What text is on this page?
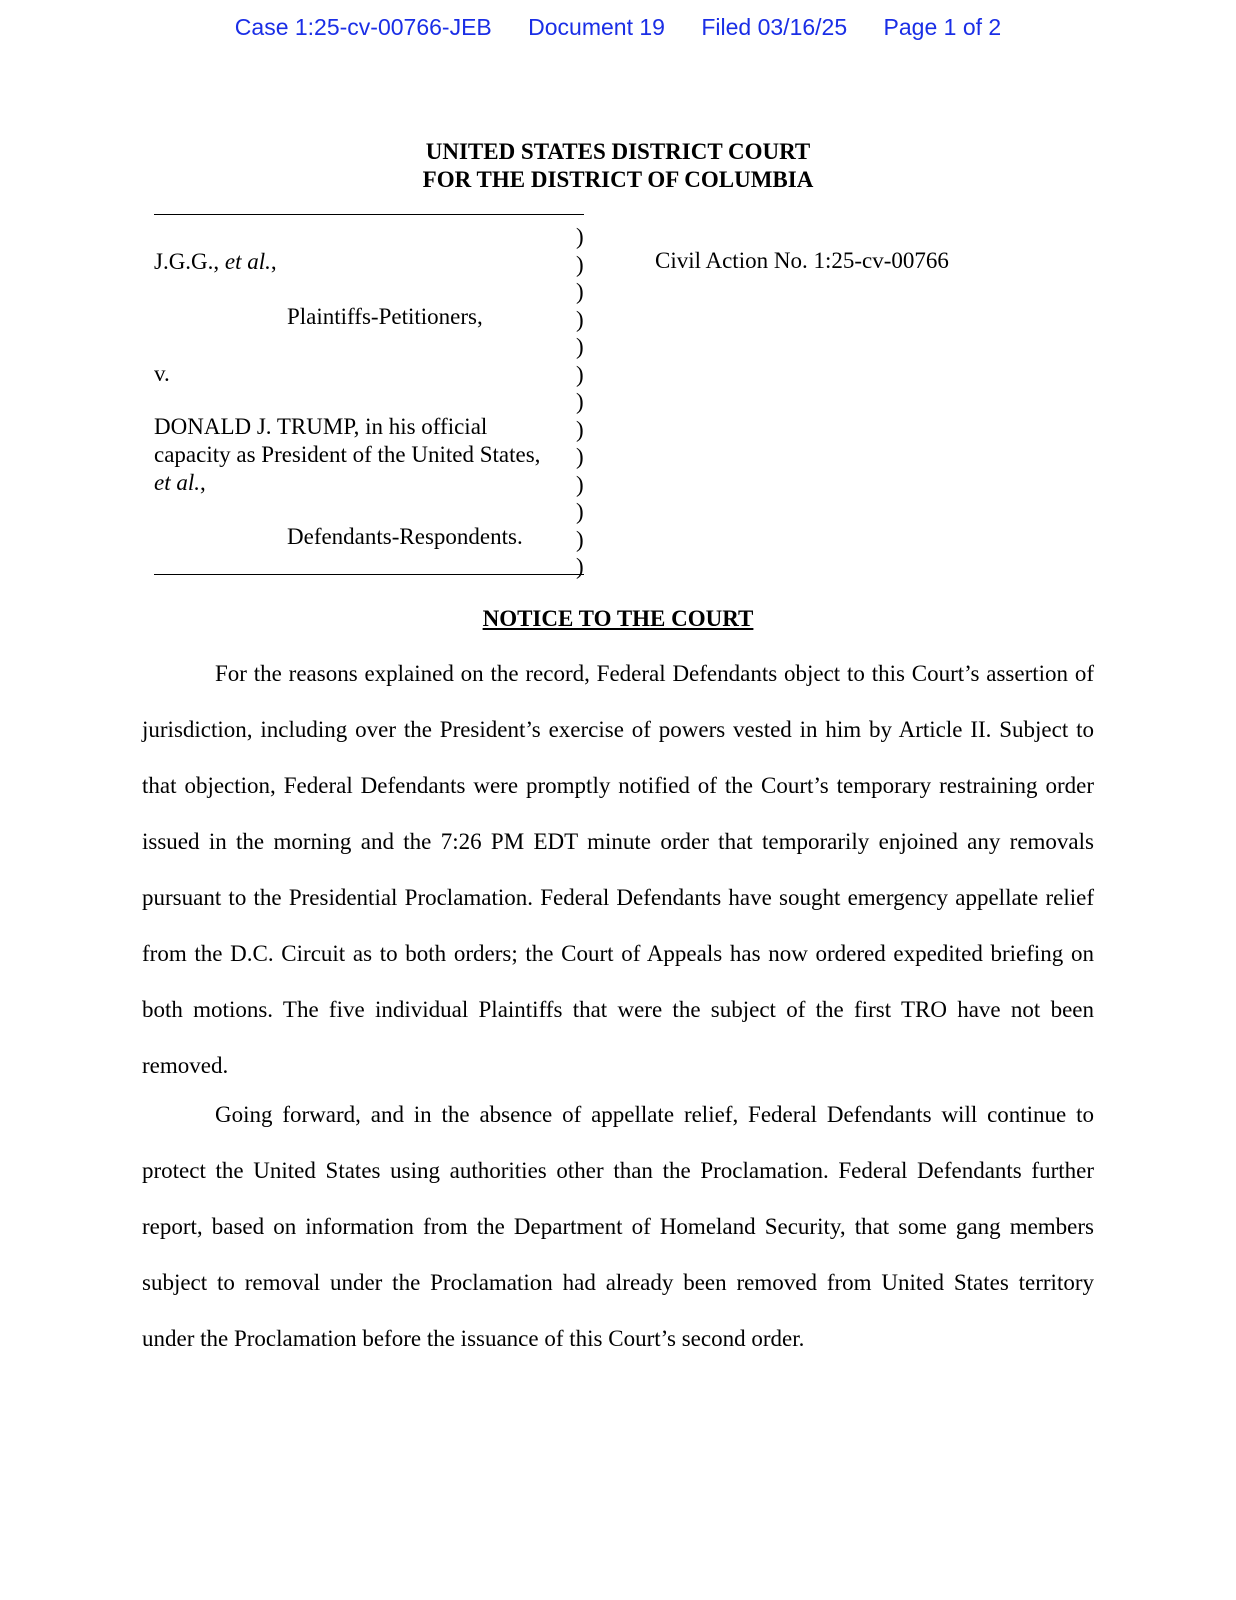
Case 1:25-cv-00766-JEB Document 19 Filed 03/16/25 Page 1 of 2
UNITED STATES DISTRICT COURT
FOR THE DISTRICT OF COLUMBIA
)
)
)
)
)
)
)
)
)
)
)
)
)
J.G.G., et al.,
Plaintiffs-Petitioners,
v.
DONALD J. TRUMP, in his official
capacity as President of the United States,
et al.,
Defendants-Respondents.
Civil Action No. 1:25-cv-00766
NOTICE TO THE COURT

For the reasons explained on the record, Federal Defendants object to this Court’s assertion of jurisdiction, including over the President’s exercise of powers vested in him by Article II. Subject to that objection, Federal Defendants were promptly notified of the Court’s temporary restraining order issued in the morning and the 7:26 PM EDT minute order that temporarily enjoined any removals pursuant to the Presidential Proclamation. Federal Defendants have sought emergency appellate relief from the D.C. Circuit as to both orders; the Court of Appeals has now ordered expedited briefing on both motions. The five individual Plaintiffs that were the subject of the first TRO have not been removed.

Going forward, and in the absence of appellate relief, Federal Defendants will continue to protect the United States using authorities other than the Proclamation. Federal Defendants further report, based on information from the Department of Homeland Security, that some gang members subject to removal under the Proclamation had already been removed from United States territory under the Proclamation before the issuance of this Court’s second order.
